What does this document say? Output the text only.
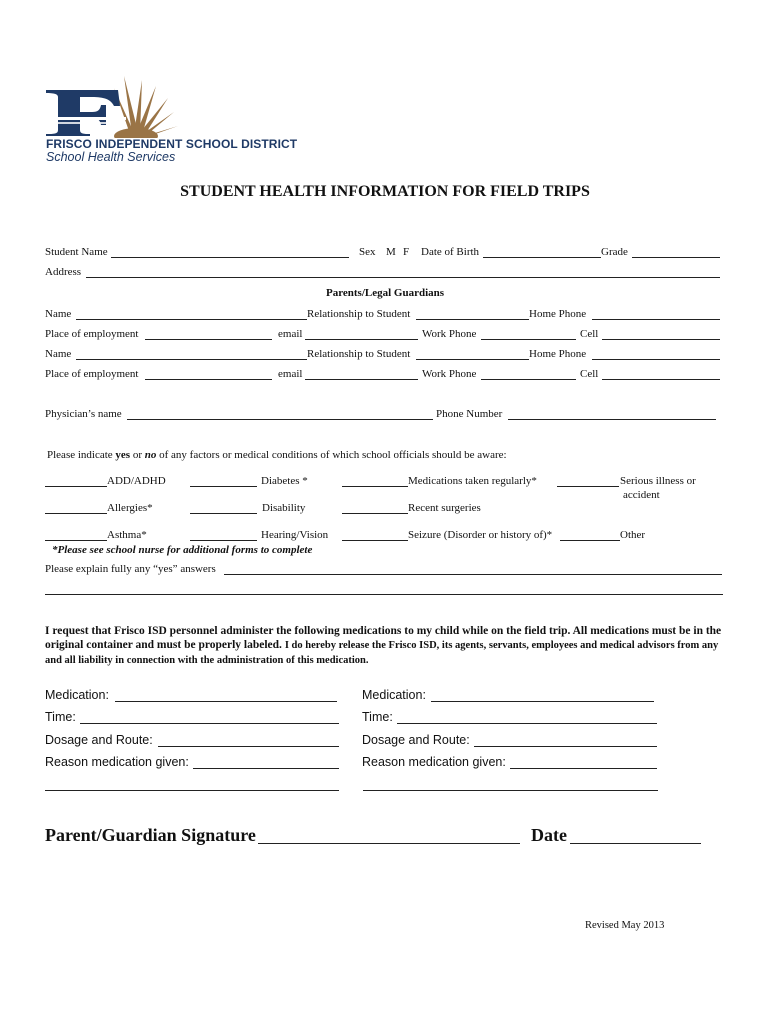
FRISCO INDEPENDENT SCHOOL DISTRICT
School Health Services
STUDENT HEALTH INFORMATION FOR FIELD TRIPS
Student Name	Sex M F Date of Birth	Grade
Address
Parents/Legal Guardians
Name	Relationship to Student	Home Phone
Place of employment	email	Work Phone	Cell
Name	Relationship to Student	Home Phone
Place of employment	email	Work Phone	Cell
Physician’s name	Phone Number
Please indicate yes or no of any factors or medical conditions of which school officials should be aware:
ADD/ADHD	Diabetes *	Medications taken regularly*	Serious illness or
accident
Allergies*	Disability	Recent surgeries
Asthma*	Hearing/Vision	Seizure (Disorder or history of)*	Other
*Please see school nurse for additional forms to complete
Please explain fully any “yes” answers
I request that Frisco ISD personnel administer the following medications to my child while on the field trip. All medications must be in the original container and must be properly labeled. I do hereby release the Frisco ISD, its agents, servants, employees and medical advisors from any and all liability in connection with the administration of this medication.
Medication:
Time:
Dosage and Route:
Reason medication given:
Medication:
Time:
Dosage and Route:
Reason medication given:
Parent/Guardian Signature	Date
Revised May 2013
